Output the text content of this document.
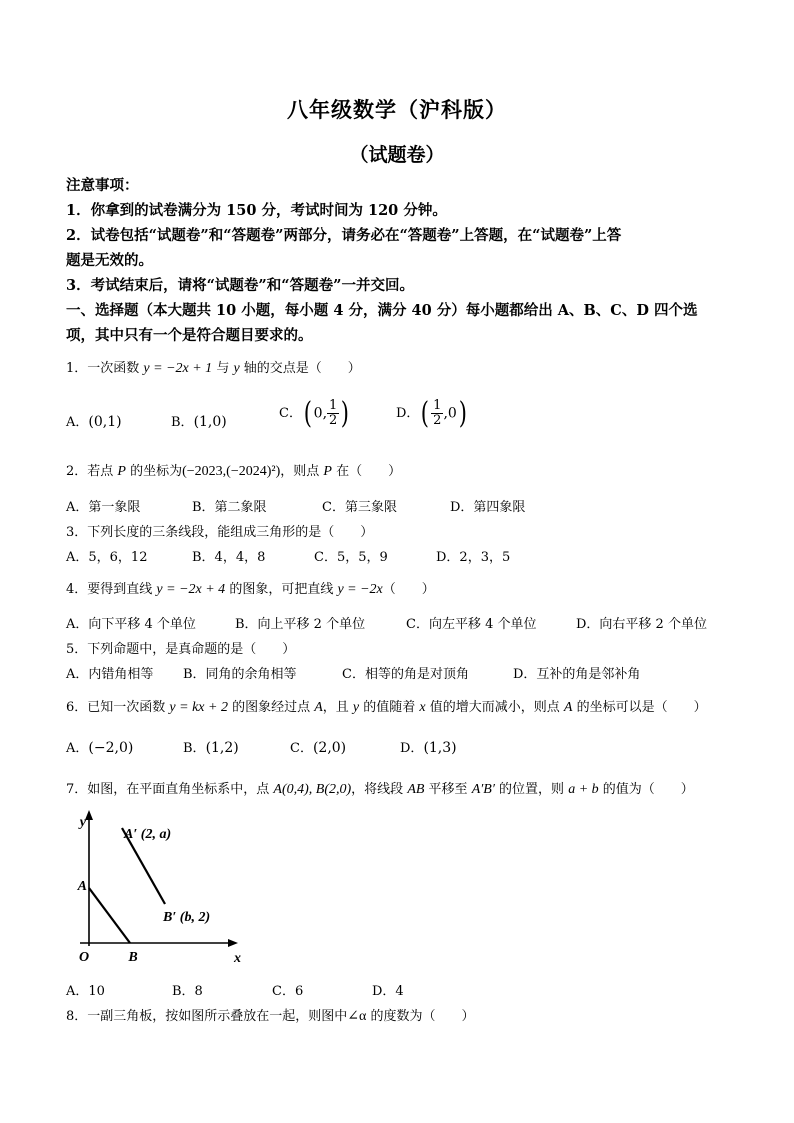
八年级数学（沪科版）
（试题卷）
注意事项：
1．你拿到的试卷满分为 150 分，考试时间为 120 分钟。
2．试卷包括“试题卷”和“答题卷”两部分，请务必在“答题卷”上答题，在“试题卷”上答
题是无效的。
3．考试结束后，请将“试题卷”和“答题卷”一并交回。
一、选择题（本大题共 10 小题，每小题 4 分，满分 40 分）每小题都给出 A、B、C、D 四个选
项，其中只有一个是符合题目要求的。
1．一次函数 y = −2x + 1 与 y 轴的交点是（　　）
A．(0,1)	B．(1,0)
C．( 0, $\frac{1}{2}$ )	D．( $\frac{1}{2} ,0$)
2．若点 P 的坐标为(−2023,(−2024)²)，则点 P 在（　　）
A．第一象限	B．第二象限	C．第三象限	D．第四象限
3．下列长度的三条线段，能组成三角形的是（　　）
A．5，6，12	B．4，4，8	C．5，5，9	D．2，3，5
4．要得到直线 y = −2x + 4 的图象，可把直线 y = −2x（　　）
A．向下平移 4 个单位	B．向上平移 2 个单位	C．向左平移 4 个单位	D．向右平移 2 个单位
5．下列命题中，是真命题的是（　　）
A．内错角相等 B．同角的余角相等	C．相等的角是对顶角	D．互补的角是邻补角
6．已知一次函数 y = kx + 2 的图象经过点 A，且 y 的值随着 x 值的增大而减小，则点 A 的坐标可以是（　　）
A．(−2,0)	B．(1,2)	C．(2,0)	D．(1,3)
7．如图，在平面直角坐标系中，点 A(0,4), B(2,0)，将线段 AB 平移至 A′B′ 的位置，则 a + b 的值为（　　）
y
x
O
A
B
A′ (2, a)
B′ (b, 2)
A．10	B．8	C．6	D．4
8．一副三角板，按如图所示叠放在一起，则图中∠α 的度数为（　　）
